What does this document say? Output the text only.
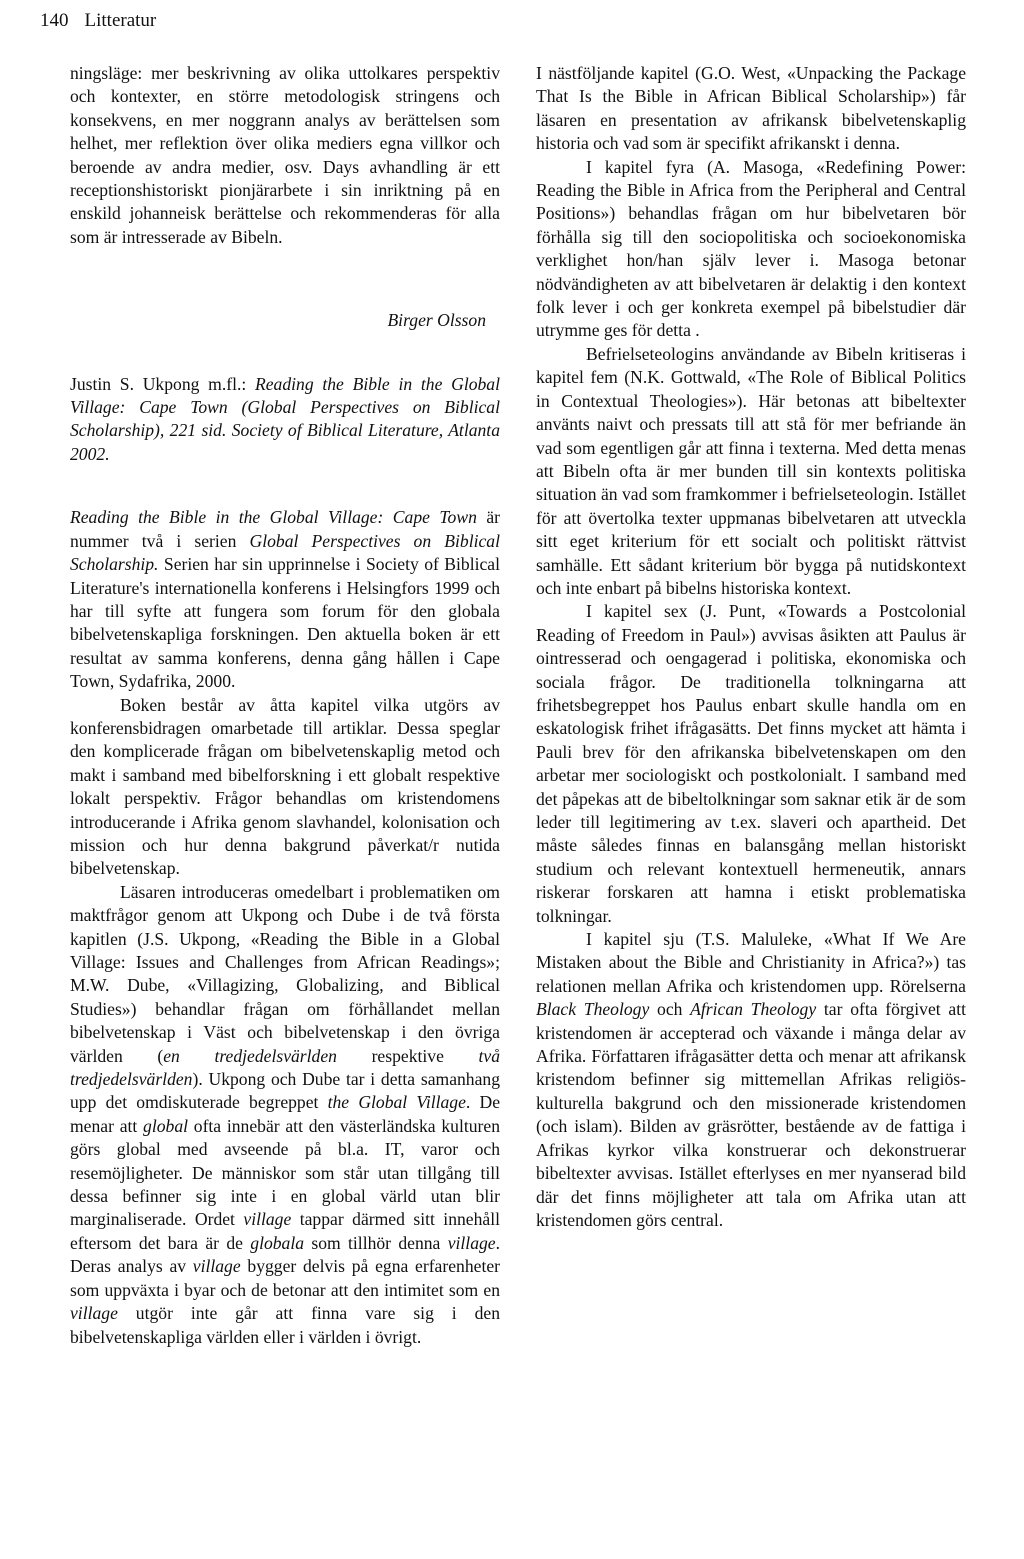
140 Litteratur

ningsläge: mer beskrivning av olika uttolkares perspektiv och kontexter, en större metodologisk stringens och konsekvens, en mer noggrann analys av berättelsen som helhet, mer reflektion över olika mediers egna villkor och beroende av andra medier, osv. Days avhandling är ett receptionshistoriskt pionjärarbete i sin inriktning på en enskild johanneisk berättelse och rekommenderas för alla som är intresserade av Bibeln.

Birger Olsson

Justin S. Ukpong m.fl.: Reading the Bible in the Global Village: Cape Town (Global Perspectives on Biblical Scholarship), 221 sid. Society of Biblical Literature, Atlanta 2002.

Reading the Bible in the Global Village: Cape Town är nummer två i serien Global Perspectives on Biblical Scholarship. Serien har sin upprinnelse i Society of Biblical Literature's internationella konferens i Helsingfors 1999 och har till syfte att fungera som forum för den globala bibelvetenskapliga forskningen. Den aktuella boken är ett resultat av samma konferens, denna gång hållen i Cape Town, Sydafrika, 2000.

Boken består av åtta kapitel vilka utgörs av konferensbidragen omarbetade till artiklar. Dessa speglar den komplicerade frågan om bibelvetenskaplig metod och makt i samband med bibelforskning i ett globalt respektive lokalt perspektiv. Frågor behandlas om kristendomens introducerande i Afrika genom slavhandel, kolonisation och mission och hur denna bakgrund påverkat/r nutida bibelvetenskap.

Läsaren introduceras omedelbart i problematiken om maktfrågor genom att Ukpong och Dube i de två första kapitlen (J.S. Ukpong, «Reading the Bible in a Global Village: Issues and Challenges from African Readings»; M.W. Dube, «Villagizing, Globalizing, and Biblical Studies») behandlar frågan om förhållandet mellan bibelvetenskap i Väst och bibelvetenskap i den övriga världen (en tredjedelsvärlden respektive två tredjedelsvärlden). Ukpong och Dube tar i detta samanhang upp det omdiskuterade begreppet the Global Village. De menar att global ofta innebär att den västerländska kulturen görs global med avseende på bl.a. IT, varor och resemöjligheter. De människor som står utan tillgång till dessa befinner sig inte i en global värld utan blir marginaliserade. Ordet village tappar därmed sitt innehåll eftersom det bara är de globala som tillhör denna village. Deras analys av village bygger delvis på egna erfarenheter som uppväxta i byar och de betonar att den intimitet som en village utgör inte går att finna vare sig i den bibelvetenskapliga världen eller i världen i övrigt.

I nästföljande kapitel (G.O. West, «Unpacking the Package That Is the Bible in African Biblical Scholarship») får läsaren en presentation av afrikansk bibelvetenskaplig historia och vad som är specifikt afrikanskt i denna.

I kapitel fyra (A. Masoga, «Redefining Power: Reading the Bible in Africa from the Peripheral and Central Positions») behandlas frågan om hur bibelvetaren bör förhålla sig till den sociopolitiska och socioekonomiska verklighet hon/han själv lever i. Masoga betonar nödvändigheten av att bibelvetaren är delaktig i den kontext folk lever i och ger konkreta exempel på bibelstudier där utrymme ges för detta .

Befrielseteologins användande av Bibeln kritiseras i kapitel fem (N.K. Gottwald, «The Role of Biblical Politics in Contextual Theologies»). Här betonas att bibeltexter använts naivt och pressats till att stå för mer befriande än vad som egentligen går att finna i texterna. Med detta menas att Bibeln ofta är mer bunden till sin kontexts politiska situation än vad som framkommer i befrielseteologin. Istället för att övertolka texter uppmanas bibelvetaren att utveckla sitt eget kriterium för ett socialt och politiskt rättvist samhälle. Ett sådant kriterium bör bygga på nutidskontext och inte enbart på bibelns historiska kontext.

I kapitel sex (J. Punt, «Towards a Postcolonial Reading of Freedom in Paul») avvisas åsikten att Paulus är ointresserad och oengagerad i politiska, ekonomiska och sociala frågor. De traditionella tolkningarna att frihetsbegreppet hos Paulus enbart skulle handla om en eskatologisk frihet ifrågasätts. Det finns mycket att hämta i Pauli brev för den afrikanska bibelvetenskapen om den arbetar mer sociologiskt och postkolonialt. I samband med det påpekas att de bibeltolkningar som saknar etik är de som leder till legitimering av t.ex. slaveri och apartheid. Det måste således finnas en balansgång mellan historiskt studium och relevant kontextuell hermeneutik, annars riskerar forskaren att hamna i etiskt problematiska tolkningar.

I kapitel sju (T.S. Maluleke, «What If We Are Mistaken about the Bible and Christianity in Africa?») tas relationen mellan Afrika och kristendomen upp. Rörelserna Black Theology och African Theology tar ofta förgivet att kristendomen är accepterad och växande i många delar av Afrika. Författaren ifrågasätter detta och menar att afrikansk kristendom befinner sig mittemellan Afrikas religiös-kulturella bakgrund och den missionerade kristendomen (och islam). Bilden av gräsrötter, bestående av de fattiga i Afrikas kyrkor vilka konstruerar och dekonstruerar bibeltexter avvisas. Istället efterlyses en mer nyanserad bild där det finns möjligheter att tala om Afrika utan att kristendomen görs central.
